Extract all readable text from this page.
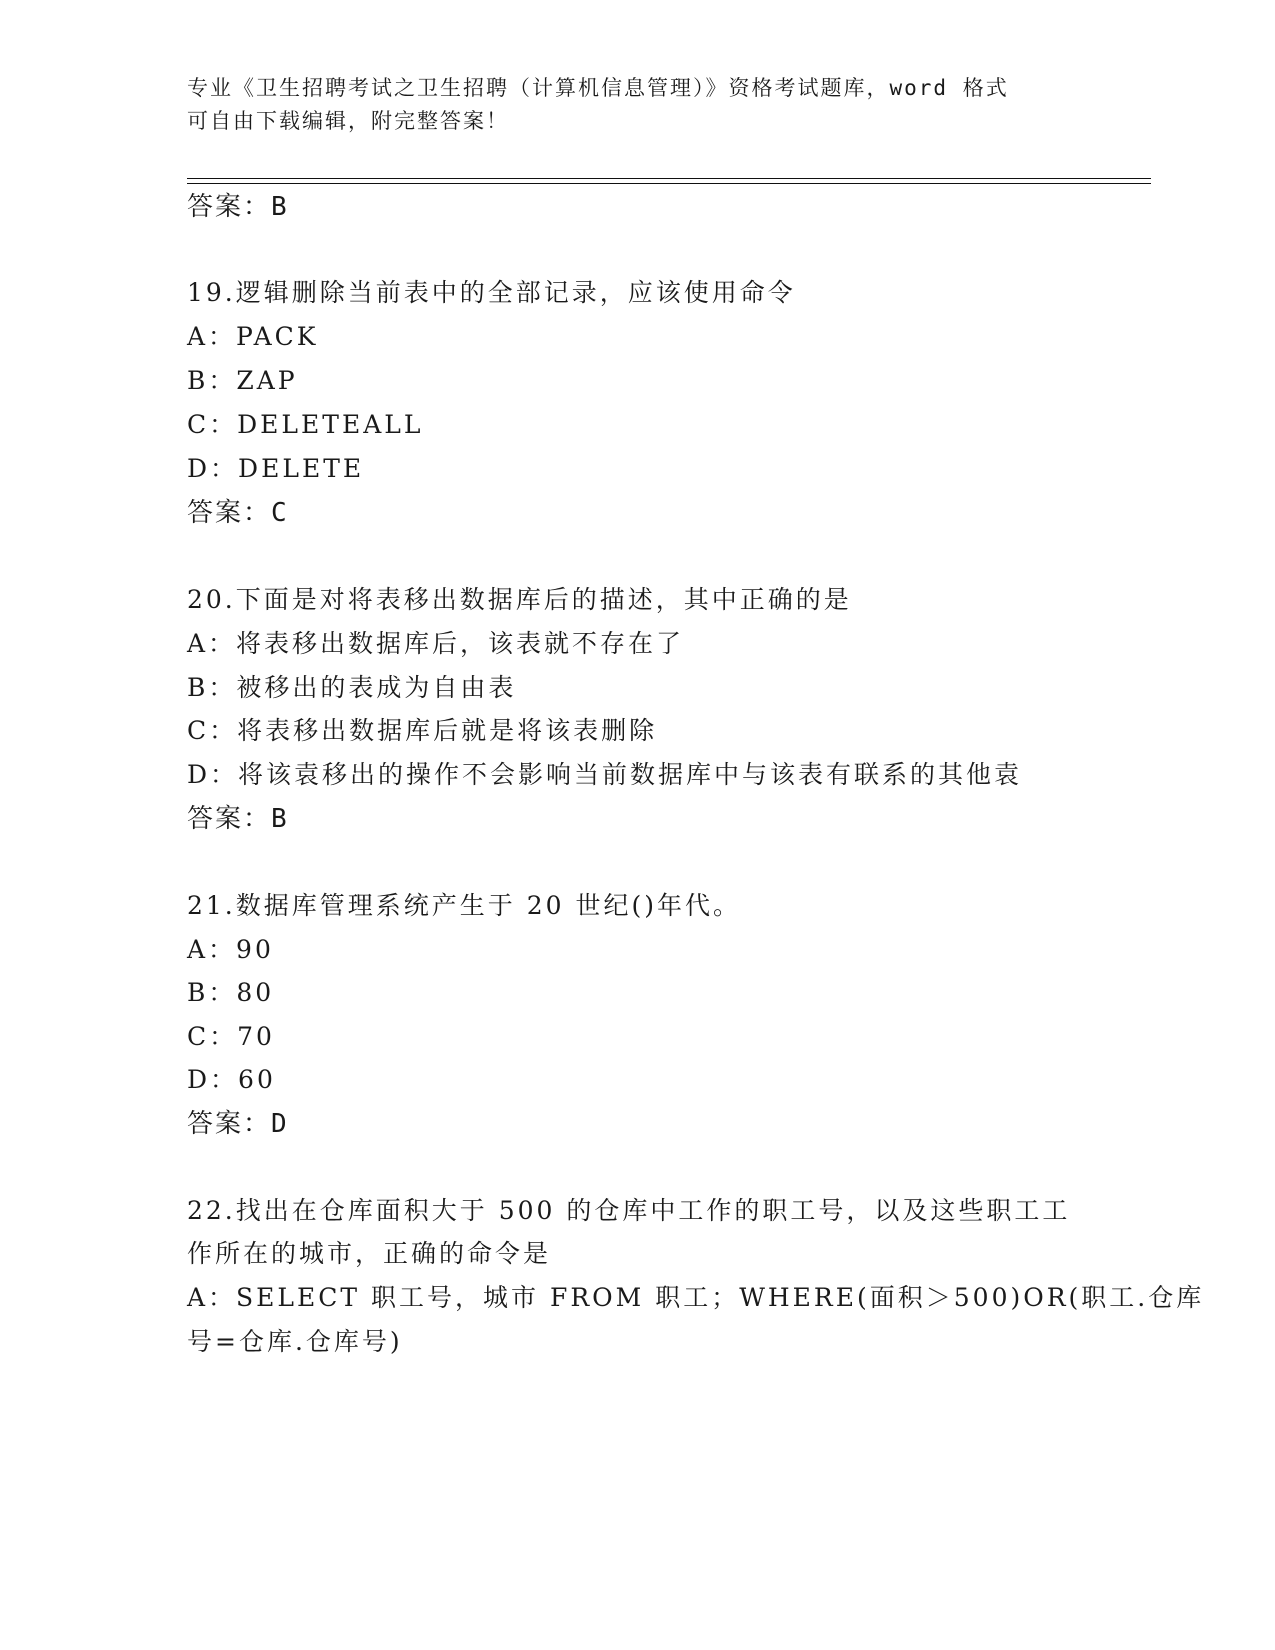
专业《卫生招聘考试之卫生招聘（计算机信息管理）》资格考试题库，word 格式
可自由下载编辑，附完整答案！
答案：B
19.逻辑删除当前表中的全部记录，应该使用命令
A：PACK
B：ZAP
C：DELETEALL
D：DELETE
答案：C
20.下面是对将表移出数据库后的描述，其中正确的是
A：将表移出数据库后，该表就不存在了
B：被移出的表成为自由表
C：将表移出数据库后就是将该表删除
D：将该袁移出的操作不会影响当前数据库中与该表有联系的其他袁
答案：B
21.数据库管理系统产生于 20 世纪()年代。
A：90
B：80
C：70
D：60
答案：D
22.找出在仓库面积大于 500 的仓库中工作的职工号，以及这些职工工
作所在的城市，正确的命令是
A：SELECT 职工号，城市 FROM 职工；WHERE(面积＞500)OR(职工.仓库
号=仓库.仓库号)
